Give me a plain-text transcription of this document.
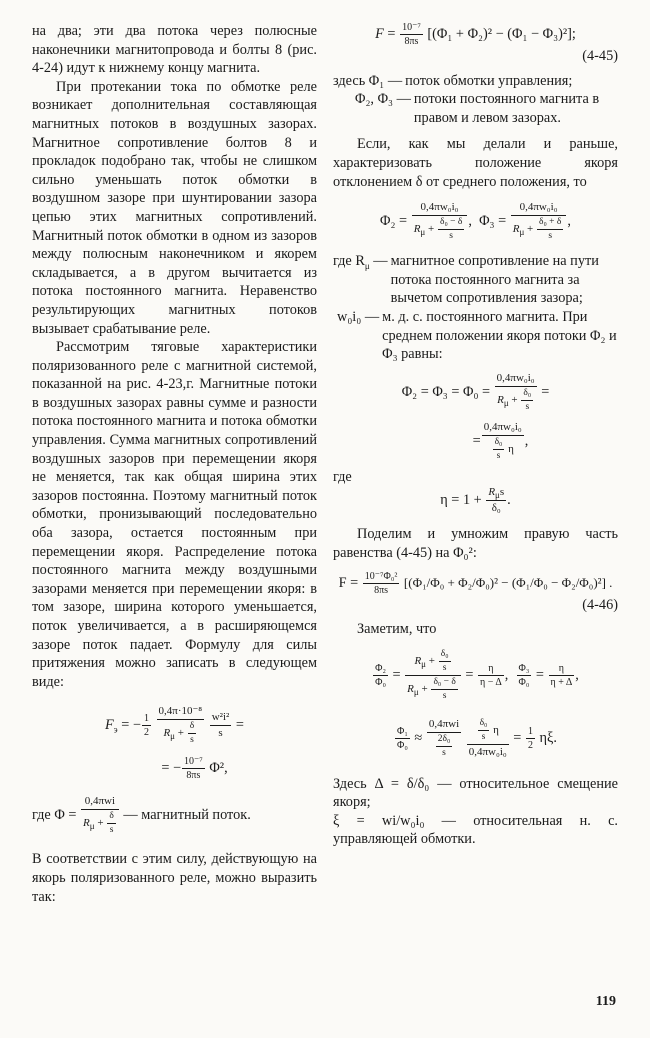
на два; эти два потока через полюсные наконечники магнитопровода и болты 8 (рис. 4-24) идут к нижнему концу магнита.

При протекании тока по обмотке реле возникает дополнительная составляющая магнитных потоков в воздушных зазорах. Магнитное сопротивление болтов 8 и прокладок подобрано так, чтобы не слишком сильно уменьшать поток обмотки в воздушном зазоре при шунтировании зазора цепью этих магнитных сопротивлений. Магнитный поток обмотки в одном из зазоров между полюсным наконечником и якорем складывается, а в другом вычитается из потока постоянного магнита. Неравенство результирующих магнитных потоков вызывает срабатывание реле.

Рассмотрим тяговые характеристики поляризованного реле с магнитной системой, показанной на рис. 4-23,г. Магнитные потоки в воздушных зазорах равны сумме и разности потока постоянного магнита и потока обмотки управления. Сумма магнитных сопротивлений воздушных зазоров при перемещении якоря не меняется, так как общая ширина этих зазоров постоянна. Поэтому магнитный поток обмотки, пронизывающий последовательно оба зазора, остается постоянным при перемещении якоря. Распределение потока постоянного магнита между воздушными зазорами меняется при перемещении якоря: в том зазоре, ширина которого уменьшается, поток увеличивается, а в расширяющемся зазоре поток падает. Формулу для силы притяжения можно записать в следующем виде:

$F_э$ = − $\frac{1}{2}$
$\frac{\text{0,4π·10⁻⁸}}{R_\mu + \frac{\delta}{s}}$
$\frac{\text{w²i²}}{s}$ =
= − $\frac{\text{10⁻⁷}}{8\pi s} \Phi^2$,
где $\Phi = \frac{\text{0,4πwi}}{R_\mu + \frac{\delta}{s}}$ — магнитный поток.

В соответствии с этим силу, действующую на якорь поляризованного реле, можно выразить так:

$F = \frac{\text{10⁻⁷}}{8\pi s} [(\Phi_1 + \Phi_2)^2 - (\Phi_1 - \Phi_3)^2]$;
(4-45)
здесь Φ₁ — поток обмотки управления;
Φ₂, Φ₃ — потоки постоянного магнита в правом и левом зазорах.

Если, как мы делали и раньше, характеризовать положение якоря отклонением δ от среднего положения, то

$\Phi_2 = \frac{\text{0,4πw₀i₀}}{R_\mu + \frac{\text{δ₀ − δ}}{s}}$ ,  $\Phi_3 = \frac{\text{0,4πw₀i₀}}{R_\mu + \frac{\text{δ₀ + δ}}{s}}$ ,
где $R_\mu$ — магнитное сопротивление на пути потока постоянного магнита за вычетом сопротивления зазора;
w₀i₀ — м. д. с. постоянного магнита. При среднем положении якоря потоки Φ₂ и Φ₃ равны:
$\Phi_2 = \Phi_3 = \Phi_0 = \frac{\text{0,4πw₀i₀}}{R_\mu + \frac{\text{δ₀}}{s}}$ =
= $\frac{\text{0,4πw₀i₀}}{\frac{\text{δ₀}}{s} \eta}$ ,
где
$\eta = 1 + \frac{R_\mu s}{\text{δ₀}}$ .

Поделим и умножим правую часть равенства (4-45) на Φ₀²:

$F = \frac{\text{10⁻⁷Φ₀²}}{8\pi s} [(\Phi_1/\Phi_0 + \Phi_2/\Phi_0)^2 - (\Phi_1/\Phi_0 - \Phi_2/\Phi_0)^2]$ .
(4-46)
Заметим, что
$\frac{\text{Φ₂}}{\text{Φ₀}} = \frac{R_\mu + \frac{\text{δ₀}}{s}}{R_\mu + \frac{\text{δ₀ − δ}}{s}} = \frac{\eta}{\eta - \Delta}$ , $\frac{\text{Φ₃}}{\text{Φ₀}} = \frac{\eta}{\eta + \Delta}$ ,
$\frac{\text{Φ₁}}{\text{Φ₀}} \approx \frac{\text{0,4πwi}}{\frac{\text{2δ₀}}{s}}$
$\frac{\frac{\text{δ₀}}{s} \eta}{\text{0,4πw₀i₀}} = \frac{1}{2} \eta\xi$.

Здесь Δ = δ/δ₀ — относительное смещение якоря;

ξ = wi/w₀i₀ — относительная н. с. управляющей обмотки.

119
